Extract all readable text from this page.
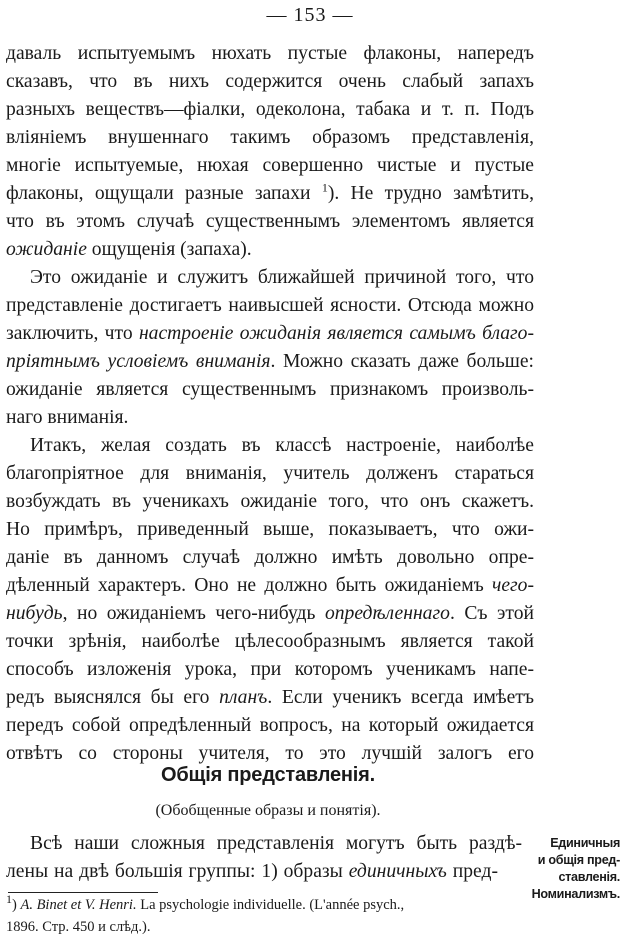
— 153 —
даваль испытуемымъ нюхать пустые флаконы, напередъ
сказавъ, что въ нихъ содержится очень слабый запахъ
разныхъ веществъ—фіалки, одеколона, табака и т. п. Подъ
вліяніемъ внушеннаго такимъ образомъ представленія,
многіе испытуемые, нюхая совершенно чистые и пустые
флаконы, ощущали разные запахи $^1$). Не трудно замѣтить,
что въ этомъ случаѣ существеннымъ элементомъ является
ожиданіе ощущенія (запаха).
Это ожиданіе и служитъ ближайшей причиной того, что
представленіе достигаетъ наивысшей ясности. Отсюда можно
заключить, что настроеніе ожиданія является самымъ благо-
пріятнымъ условіемъ вниманія. Можно сказать даже больше:
ожиданіе является существеннымъ признакомъ произволь-
наго вниманія.
Итакъ, желая создать въ классѣ настроеніе, наиболѣе
благопріятное для вниманія, учитель долженъ стараться
возбуждать въ ученикахъ ожиданіе того, что онъ скажетъ.
Но примѣръ, приведенный выше, показываетъ, что ожи-
даніе въ данномъ случаѣ должно имѣть довольно опре-
дѣленный характеръ. Оно не должно быть ожиданіемъ чего-
нибудь, но ожиданіемъ чего-нибудь опредѣленнаго. Съ этой
точки зрѣнія, наиболѣе цѣлесообразнымъ является такой
способъ изложенія урока, при которомъ ученикамъ напе-
редъ выяснялся бы его планъ. Если ученикъ всегда имѣетъ
передъ собой опредѣленный вопросъ, на который ожидается
отвѣтъ со стороны учителя, то это лучшій залогъ его
Общія представленія.
(Обобщенные образы и понятія).
Всѣ наши сложныя представленія могутъ быть раздѣ-
лены на двѣ большія группы: 1) образы единичныхъ пред-
Единичныя
и общія пред-
ставленія.
Номинализмъ.
$^1$) A. Binet et V. Henri. La psychologie individuelle. (L'année psych.,
1896. Стр. 450 и слѣд.).
